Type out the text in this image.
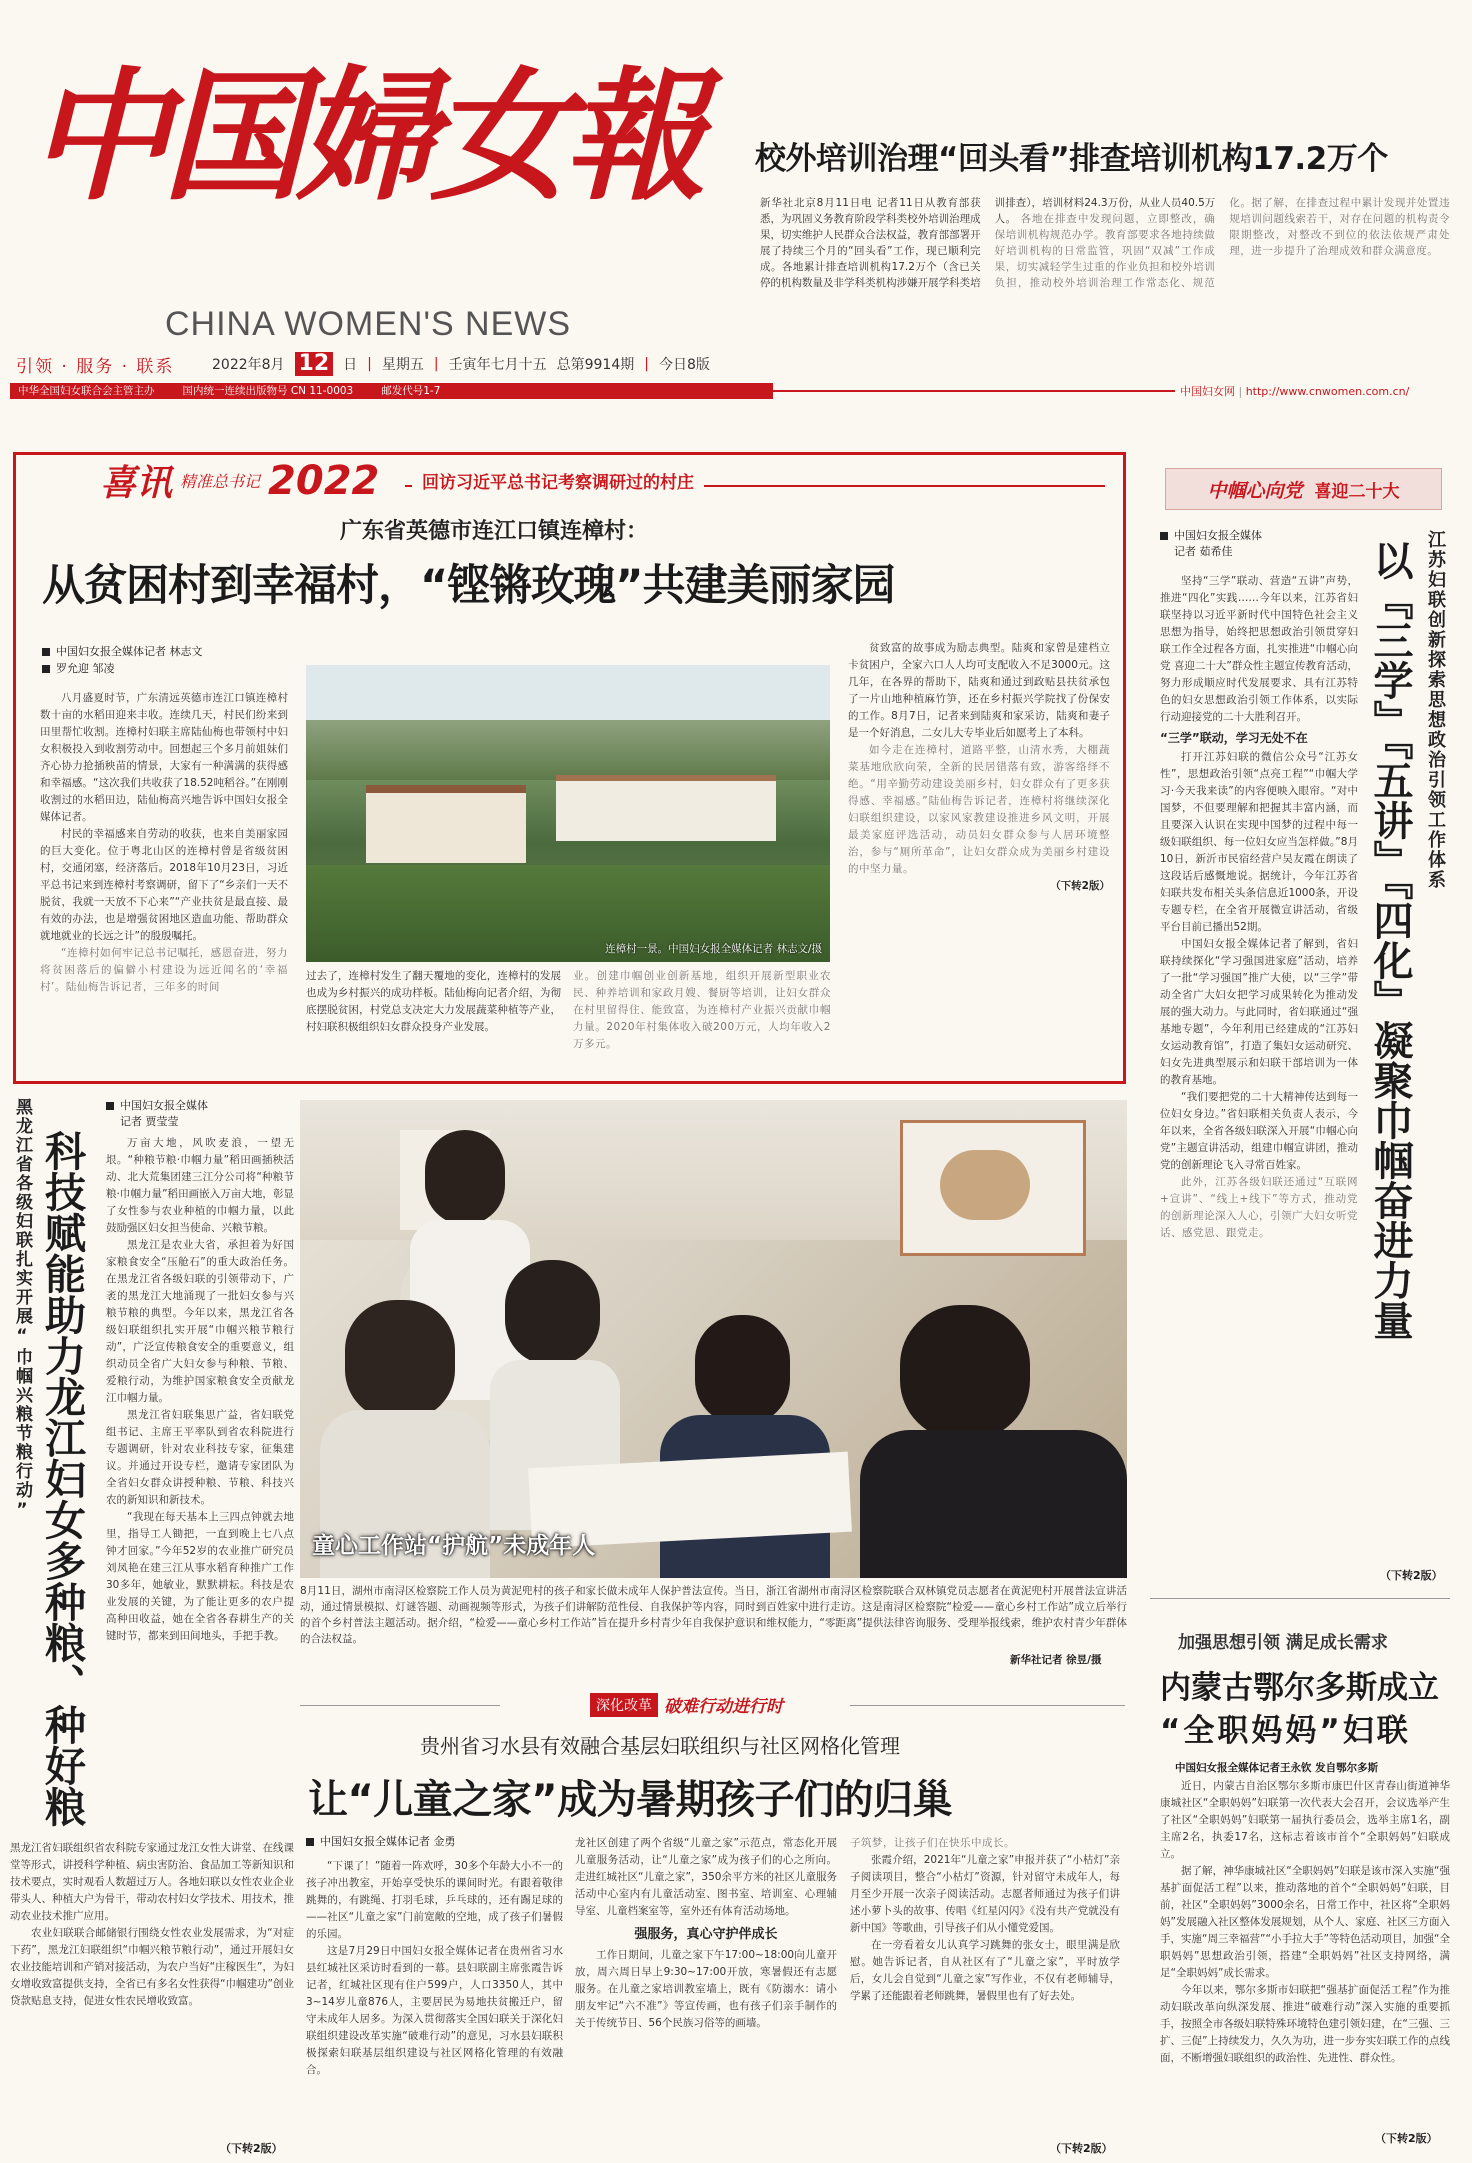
中国婦女報
CHINA WOMEN'S NEWS
引领 · 服务 · 联系	2022年8月 12 日 | 星期五 | 壬寅年七月十五 总第9914期 | 今日8版
中华全国妇女联合会主管主办	国内统一连续出版物号 CN 11-0003	邮发代号1-7	中国妇女网 | http://www.cnwomen.com.cn/
校外培训治理“回头看”排查培训机构17.2万个
新华社北京8月11日电 记者11日从教育部获悉，为巩固义务教育阶段学科类校外培训治理成果，切实维护人民群众合法权益，教育部部署开展了持续三个月的“回头看”工作，现已顺利完成。各地累计排查培训机构17.2万个（含已关停的机构数量及非学科类机构涉嫌开展学科类培训排查），培训材料24.3万份，从业人员40.5万人。 各地在排查中发现问题，立即整改，确保培训机构规范办学。教育部要求各地持续做好培训机构的日常监管，巩固“双减”工作成果，切实减轻学生过重的作业负担和校外培训负担，推动校外培训治理工作常态化、规范化。据了解，在排查过程中累计发现并处置违规培训问题线索若干，对存在问题的机构责令限期整改，对整改不到位的依法依规严肃处理，进一步提升了治理成效和群众满意度。
喜讯 精准总书记 2022	回访习近平总书记考察调研过的村庄
广东省英德市连江口镇连樟村：
从贫困村到幸福村，“铿锵玫瑰”共建美丽家园
中国妇女报全媒体记者 林志文
罗允迎 邹凌

八月盛夏时节，广东清远英德市连江口镇连樟村数十亩的水稻田迎来丰收。连续几天，村民们纷来到田里帮忙收割。连樟村妇联主席陆仙梅也带领村中妇女积极投入到收割劳动中。回想起三个多月前姐妹们齐心协力抢插秧苗的情景，大家有一种满满的获得感和幸福感。“这次我们共收获了18.52吨稻谷。”在刚刚收割过的水稻田边，陆仙梅高兴地告诉中国妇女报全媒体记者。

村民的幸福感来自劳动的收获，也来自美丽家园的巨大变化。位于粤北山区的连樟村曾是省级贫困村，交通闭塞，经济落后。2018年10月23日，习近平总书记来到连樟村考察调研，留下了“乡亲们一天不脱贫，我就一天放不下心来”“产业扶贫是最直接、最有效的办法，也是增强贫困地区造血功能、帮助群众就地就业的长远之计”的殷殷嘱托。

“连樟村如何牢记总书记嘱托，感恩奋进，努力将贫困落后的偏僻小村建设为远近闻名的‘幸福村’。陆仙梅告诉记者，三年多的时间

连樟村一景。中国妇女报全媒体记者 林志文/摄

过去了，连樟村发生了翻天覆地的变化，连樟村的发展也成为乡村振兴的成功样板。陆仙梅向记者介绍，为彻底摆脱贫困，村党总支决定大力发展蔬菜种植等产业，村妇联积极组织妇女群众投身产业发展。

业。创建巾帼创业创新基地，组织开展新型职业农民、种养培训和家政月嫂、餐厨等培训，让妇女群众在村里留得住、能致富，为连樟村产业振兴贡献巾帼力量。2020年村集体收入破200万元，人均年收入2万多元。

贫致富的故事成为励志典型。陆爽和家曾是建档立卡贫困户，全家六口人人均可支配收入不足3000元。这几年，在各界的帮助下，陆爽和通过到政贴县扶贫承包了一片山地种植麻竹笋，还在乡村振兴学院找了份保安的工作。8月7日，记者来到陆爽和家采访，陆爽和妻子是一个好消息，二女儿大专毕业后如愿考上了本科。

如今走在连樟村，道路平整，山清水秀，大棚蔬菜基地欣欣向荣，全新的民居错落有致，游客络绎不绝。“用辛勤劳动建设美丽乡村，妇女群众有了更多获得感、幸福感。”陆仙梅告诉记者，连樟村将继续深化妇联组织建设，以家风家教建设推进乡风文明，开展最美家庭评选活动，动员妇女群众参与人居环境整治，参与“厕所革命”，让妇女群众成为美丽乡村建设的中坚力量。

（下转2版）

中帼心向党 喜迎二十大
中国妇女报全媒体
记者 茹希佳	江苏妇联创新探索思想政治引领工作体系
以『三学』『五讲』『四化』凝聚巾帼奋进力量

坚持“三学”联动、营造“五讲”声势，推进“四化”实践……今年以来，江苏省妇联坚持以习近平新时代中国特色社会主义思想为指导，始终把思想政治引领贯穿妇联工作全过程各方面，扎实推进“巾帼心向党 喜迎二十大”群众性主题宣传教育活动，努力形成顺应时代发展要求、具有江苏特色的妇女思想政治引领工作体系，以实际行动迎接党的二十大胜利召开。

“三学”联动，学习无处不在

打开江苏妇联的微信公众号“江苏女性”，思想政治引领“点亮工程”“巾帼大学习·今天我来读”的内容便映入眼帘。“对中国梦，不但要理解和把握其丰富内涵，而且要深入认识在实现中国梦的过程中每一级妇联组织、每一位妇女应当怎样做。”8月10日，新沂市民宿经营户吴友霞在朗读了这段话后感慨地说。据统计，今年江苏省妇联共发布相关头条信息近1000条，开设专题专栏，在全省开展微宣讲活动，省级平台目前已播出52期。

中国妇女报全媒体记者了解到，省妇联持续探化“学习强国进家庭”活动，培养了一批“学习强国”推广大使，以“三学”带动全省广大妇女把学习成果转化为推动发展的强大动力。与此同时，省妇联通过“强基地专题”，今年利用已经建成的“江苏妇女运动教育馆”，打造了集妇女运动研究、妇女先进典型展示和妇联干部培训为一体的教育基地。

“我们要把党的二十大精神传达到每一位妇女身边。”省妇联相关负责人表示，今年以来，全省各级妇联深入开展“巾帼心向党”主题宣讲活动，组建巾帼宣讲团，推动党的创新理论飞入寻常百姓家。

此外，江苏各级妇联还通过“互联网+宣讲”、“线上+线下”等方式，推动党的创新理论深入人心，引领广大妇女听党话、感党恩、跟党走。

（下转2版）
加强思想引领 满足成长需求
内蒙古鄂尔多斯成立
“全职妈妈”妇联
中国妇女报全媒体记者王永钦 发自鄂尔多斯

近日，内蒙古自治区鄂尔多斯市康巴什区青春山街道神华康城社区“全职妈妈”妇联第一次代表大会召开，会议选举产生了社区“全职妈妈”妇联第一届执行委员会，选举主席1名，副主席2名，执委17名，这标志着该市首个“全职妈妈”妇联成立。

据了解，神华康城社区“全职妈妈”妇联是该市深入实施“强基扩面促活工程”以来，推动落地的首个“全职妈妈”妇联，目前，社区“全职妈妈”3000余名，日常工作中，社区将“全职妈妈”发展融入社区整体发展规划，从个人、家庭、社区三方面入手，实施“周三幸福营”“小手拉大手”等特色活动项目，加强“全职妈妈”思想政治引领，搭建“全职妈妈”社区支持网络，满足“全职妈妈”成长需求。

今年以来，鄂尔多斯市妇联把“强基扩面促活工程”作为推动妇联改革向纵深发展、推进“破难行动”深入实施的重要抓手，按照全市各级妇联特殊环境特色建引领妇建，在“三强、三扩、三促”上持续发力，久久为功，进一步夯实妇联工作的点线面，不断增强妇联组织的政治性、先进性、群众性。

（下转2版）
黑龙江省各级妇联扎实开展“巾帼兴粮节粮行动” 科技赋能助力龙江妇女多种粮、种好粮
中国妇女报全媒体
记者 贾莹莹

万亩大地，风吹麦浪，一望无垠。“种粮节粮·巾帼力量”稻田画插秧活动、北大荒集团建三江分公司将“种粮节粮·巾帼力量”稻田画嵌入万亩大地，彰显了女性参与农业种植的巾帼力量，以此鼓励强区妇女担当使命、兴粮节粮。

黑龙江是农业大省，承担着为好国家粮食安全“压舱石”的重大政治任务。在黑龙江省各级妇联的引领带动下，广袤的黑龙江大地涌现了一批妇女参与兴粮节粮的典型。今年以来，黑龙江省各级妇联组织扎实开展“巾帼兴粮节粮行动”，广泛宣传粮食安全的重要意义，组织动员全省广大妇女参与种粮、节粮、爱粮行动，为维护国家粮食安全贡献龙江巾帼力量。

黑龙江省妇联集思广益，省妇联党组书记、主席王平率队到省农科院进行专题调研，针对农业科技专家，征集建议。并通过开设专栏，邀请专家团队为全省妇女群众讲授种粮、节粮、科技兴农的新知识和新技术。

“我现在每天基本上三四点钟就去地里，指导工人锄把，一直到晚上七八点钟才回家。”今年52岁的农业推广研究员刘凤艳在建三江从事水稻育种推广工作30多年，她敏业，默默耕耘。科技是农业发展的关键，为了能让更多的农户提高种田收益，她在全省各春耕生产的关键时节，都来到田间地头，手把手教。

黑龙江省妇联组织省农科院专家通过龙江女性大讲堂、在线课堂等形式，讲授科学种植、病虫害防治、食品加工等新知识和技术要点，实时观看人数超过万人。各地妇联以女性农业企业带头人、种植大户为骨干，带动农村妇女学技术、用技术，推动农业技术推广应用。

农业妇联联合邮储银行围绕女性农业发展需求，为“对症下药”，黑龙江妇联组织“巾帼兴粮节粮行动”，通过开展妇女农业技能培训和产销对接活动，为农户当好“庄稼医生”，为妇女增收致富提供支持，全省已有多名女性获得“巾帼建功”创业贷款贴息支持，促进女性农民增收致富。

（下转2版）
童心工作站“护航”未成年人
8月11日，湖州市南浔区检察院工作人员为黄泥兜村的孩子和家长做未成年人保护普法宣传。当日，浙江省湖州市南浔区检察院联合双林镇党员志愿者在黄泥兜村开展普法宣讲活动，通过情景模拟、灯谜答题、动画视频等形式，为孩子们讲解防范性侵、自我保护等内容，同时到百姓家中进行走访。这是南浔区检察院“检爱——童心乡村工作站”成立后举行的首个乡村普法主题活动。据介绍，“检爱——童心乡村工作站”旨在提升乡村青少年自我保护意识和维权能力，“零距离”提供法律咨询服务、受理举报线索，维护农村青少年群体的合法权益。
新华社记者 徐昱/摄
深化改革 破难行动进行时
贵州省习水县有效融合基层妇联组织与社区网格化管理
让“儿童之家”成为暑期孩子们的归巢
中国妇女报全媒体记者 金勇

“下课了！”随着一阵欢呼，30多个年龄大小不一的孩子冲出教室，开始享受快乐的课间时光。有跟着敬律跳舞的，有跳绳、打羽毛球，乒乓球的，还有踢足球的——社区“儿童之家”门前宽敞的空地，成了孩子们暑假的乐园。

这是7月29日中国妇女报全媒体记者在贵州省习水县红城社区采访时看到的一幕。县妇联副主席张霞告诉记者，红城社区现有住户599户，人口3350人，其中3~14岁儿童876人，主要居民为易地扶贫搬迁户，留守未成年人居多。为深入贯彻落实全国妇联关于深化妇联组织建设改革实施“破难行动”的意见，习水县妇联积极探索妇联基层组织建设与社区网格化管理的有效融合。

龙社区创建了两个省级“儿童之家”示范点，常态化开展儿童服务活动，让“儿童之家”成为孩子们的心之所向。走进红城社区“儿童之家”，350余平方米的社区儿童服务活动中心室内有儿童活动室、图书室、培训室、心理辅导室、儿童档案室等，室外还有体育活动场地。

强服务，真心守护伴成长

工作日期间，儿童之家下午17:00~18:00向儿童开放，周六周日早上9:30~17:00开放，寒暑假还有志愿服务。在儿童之家培训教室墙上，既有《防溺水：请小朋友牢记“六不准”》等宣传画，也有孩子们亲手制作的关于传统节日、56个民族习俗等的画墙。

子筑梦，让孩子们在快乐中成长。

张霞介绍，2021年“儿童之家”申报并获了“小枯灯”亲子阅读项目，整合“小枯灯”资源，针对留守未成年人，每月至少开展一次亲子阅读活动。志愿者师通过为孩子们讲述小萝卜头的故事、传唱《红星闪闪》《没有共产党就没有新中国》等歌曲，引导孩子们从小懂党爱国。

在一旁看着女儿认真学习跳舞的张女士，眼里满是欣慰。她告诉记者，自从社区有了“儿童之家”，平时放学后，女儿会自觉到“儿童之家”写作业，不仅有老师辅导，学累了还能跟着老师跳舞，暑假里也有了好去处。

（下转2版）
